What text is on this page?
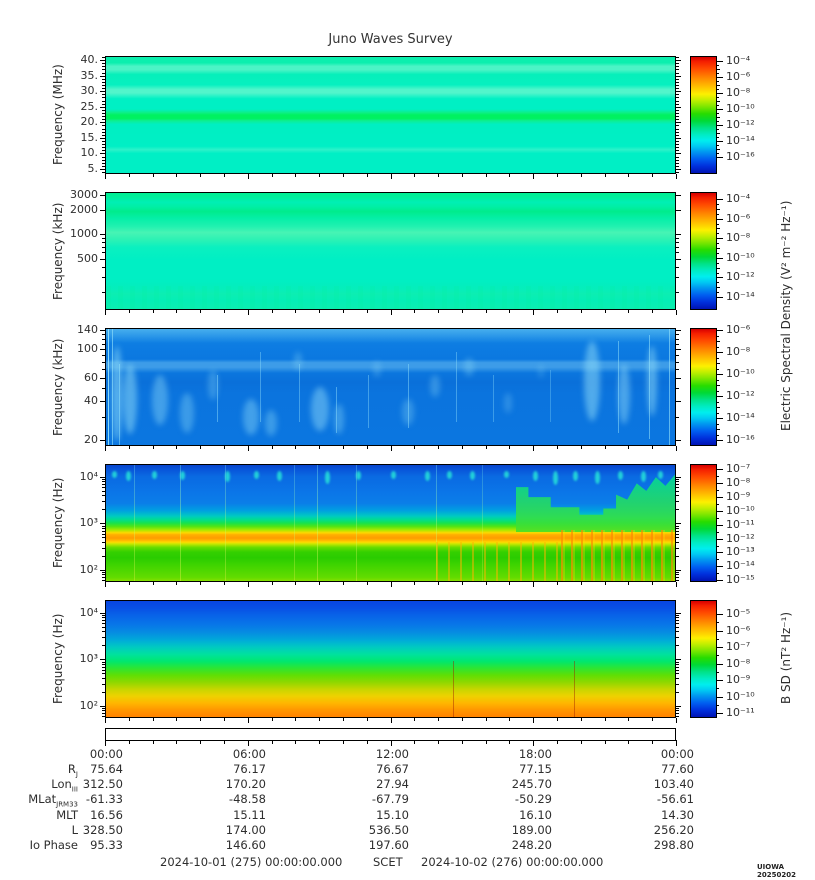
Juno Waves Survey
Electric Spectral Density (V² m⁻² Hz⁻¹)
B SD (nT² Hz⁻¹)
2024-10-01 (275) 00:00:00.000	SCET 2024-10-02 (276) 00:00:00.000	UIOWA 20250202
Frequency (MHz)
40.
35.
30.
25.
20.
15.
10.
5.
10⁻⁴
10⁻⁶
10⁻⁸
10⁻¹⁰
10⁻¹²
10⁻¹⁴
10⁻¹⁶
Frequency (kHz)
3000
2000
1000
500
10⁻⁴
10⁻⁶
10⁻⁸
10⁻¹⁰
10⁻¹²
10⁻¹⁴
Frequency (kHz)
140
100
60
40
20
10⁻⁶
10⁻⁸
10⁻¹⁰
10⁻¹²
10⁻¹⁴
10⁻¹⁶
Frequency (Hz)
10⁴
10³
10²
10⁻⁷
10⁻⁸
10⁻⁹
10⁻¹⁰
10⁻¹¹
10⁻¹²
10⁻¹³
10⁻¹⁴
10⁻¹⁵
Frequency (Hz)
10⁴
10³
10²
10⁻⁵
10⁻⁶
10⁻⁷
10⁻⁸
10⁻⁹
10⁻¹⁰
10⁻¹¹
00:00	06:00	12:00	18:00	00:00
$R_J$	75.64	76.17	76.67	77.15	77.60
Lon$_{III}$ 312.50	170.20	27.94	245.70	103.40
MLat$_{JRM33}$ -61.33	-48.58	-67.79	-50.29	-56.61
MLT	16.56	15.11	15.10	16.10	14.30
L 328.50	174.00	536.50	189.00	256.20
Io Phase	95.33	146.60	197.60	248.20	298.80
